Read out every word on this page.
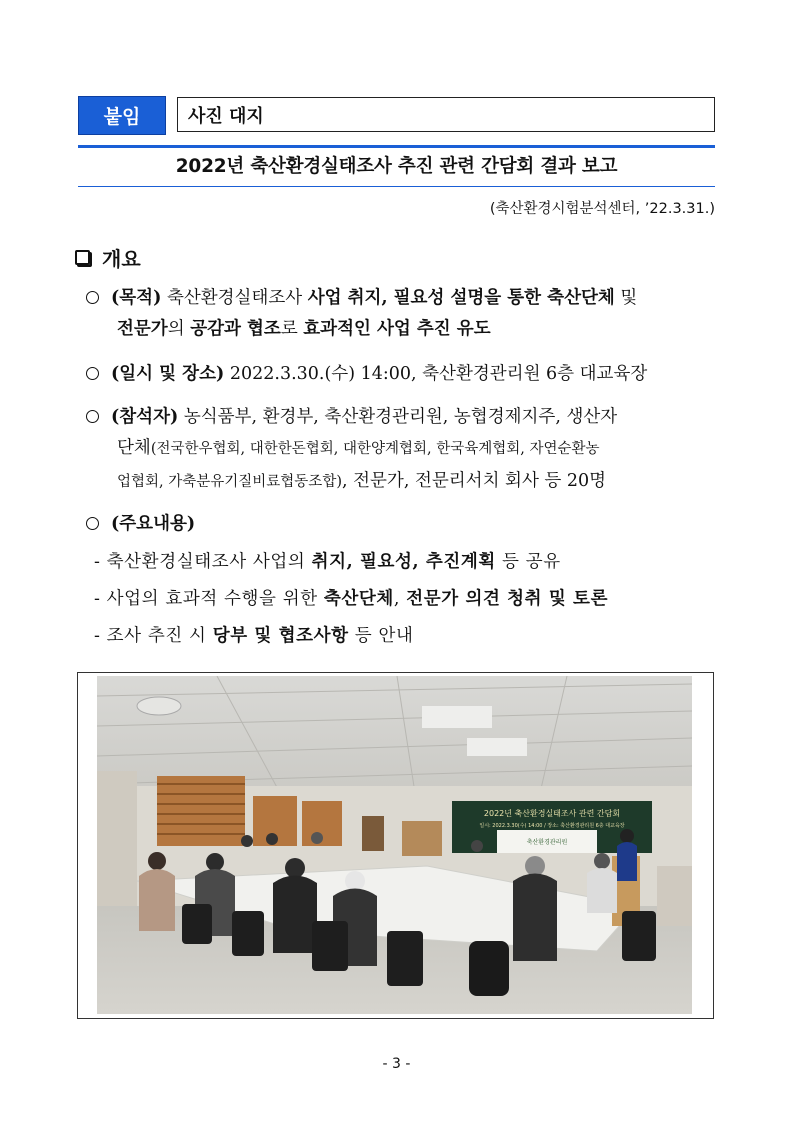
붙임	사진 대지
2022년 축산환경실태조사 추진 관련 간담회 결과 보고
(축산환경시험분석센터, ’22.3.31.)
개요
(목적) 축산환경실태조사 사업 취지, 필요성 설명을 통한 축산단체 및
전문가의 공감과 협조로 효과적인 사업 추진 유도
(일시 및 장소) 2022.3.30.(수) 14:00, 축산환경관리원 6층 대교육장
(참석자) 농식품부, 환경부, 축산환경관리원, 농협경제지주, 생산자
단체(전국한우협회, 대한한돈협회, 대한양계협회, 한국육계협회, 자연순환농
업협회, 가축분유기질비료협동조합), 전문가, 전문리서치 회사 등 20명
(주요내용)
- 축산환경실태조사 사업의 취지, 필요성, 추진계획 등 공유
- 사업의 효과적 수행을 위한 축산단체, 전문가 의견 청취 및 토론
- 조사 추진 시 당부 및 협조사항 등 안내
2022년 축산환경실태조사 관련 간담회
일시: 2022.3.30(수) 14:00 / 장소: 축산환경관리원 6층 대교육장
축산환경관리원
- 3 -
